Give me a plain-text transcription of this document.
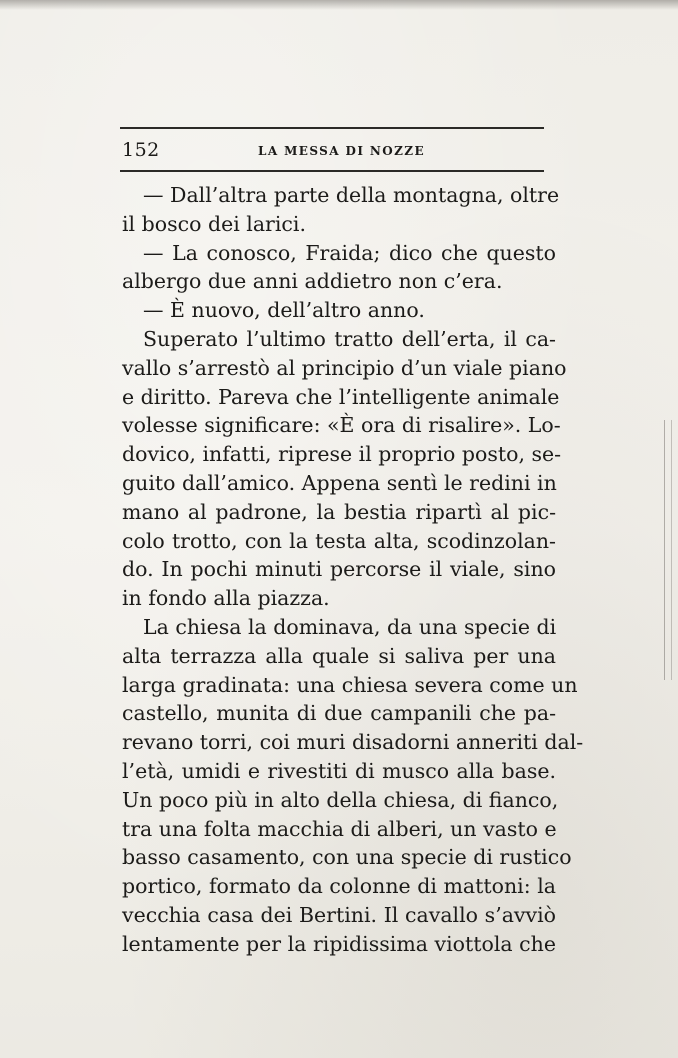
152	LA MESSA DI NOZZE
— Dall’altra parte della montagna, oltre
il bosco dei larici.
— La conosco, Fraida; dico che questo
albergo due anni addietro non c’era.
— È nuovo, dell’altro anno.
Superato l’ultimo tratto dell’erta, il ca-
vallo s’arrestò al principio d’un viale piano
e diritto. Pareva che l’intelligente animale
volesse significare: «È ora di risalire». Lo-
dovico, infatti, riprese il proprio posto, se-
guito dall’amico. Appena sentì le redini in
mano al padrone, la bestia ripartì al pic-
colo trotto, con la testa alta, scodinzolan-
do. In pochi minuti percorse il viale, sino
in fondo alla piazza.
La chiesa la dominava, da una specie di
alta terrazza alla quale si saliva per una
larga gradinata: una chiesa severa come un
castello, munita di due campanili che pa-
revano torri, coi muri disadorni anneriti dal-
l’età, umidi e rivestiti di musco alla base.
Un poco più in alto della chiesa, di fianco,
tra una folta macchia di alberi, un vasto e
basso casamento, con una specie di rustico
portico, formato da colonne di mattoni: la
vecchia casa dei Bertini. Il cavallo s’avviò
lentamente per la ripidissima viottola che
